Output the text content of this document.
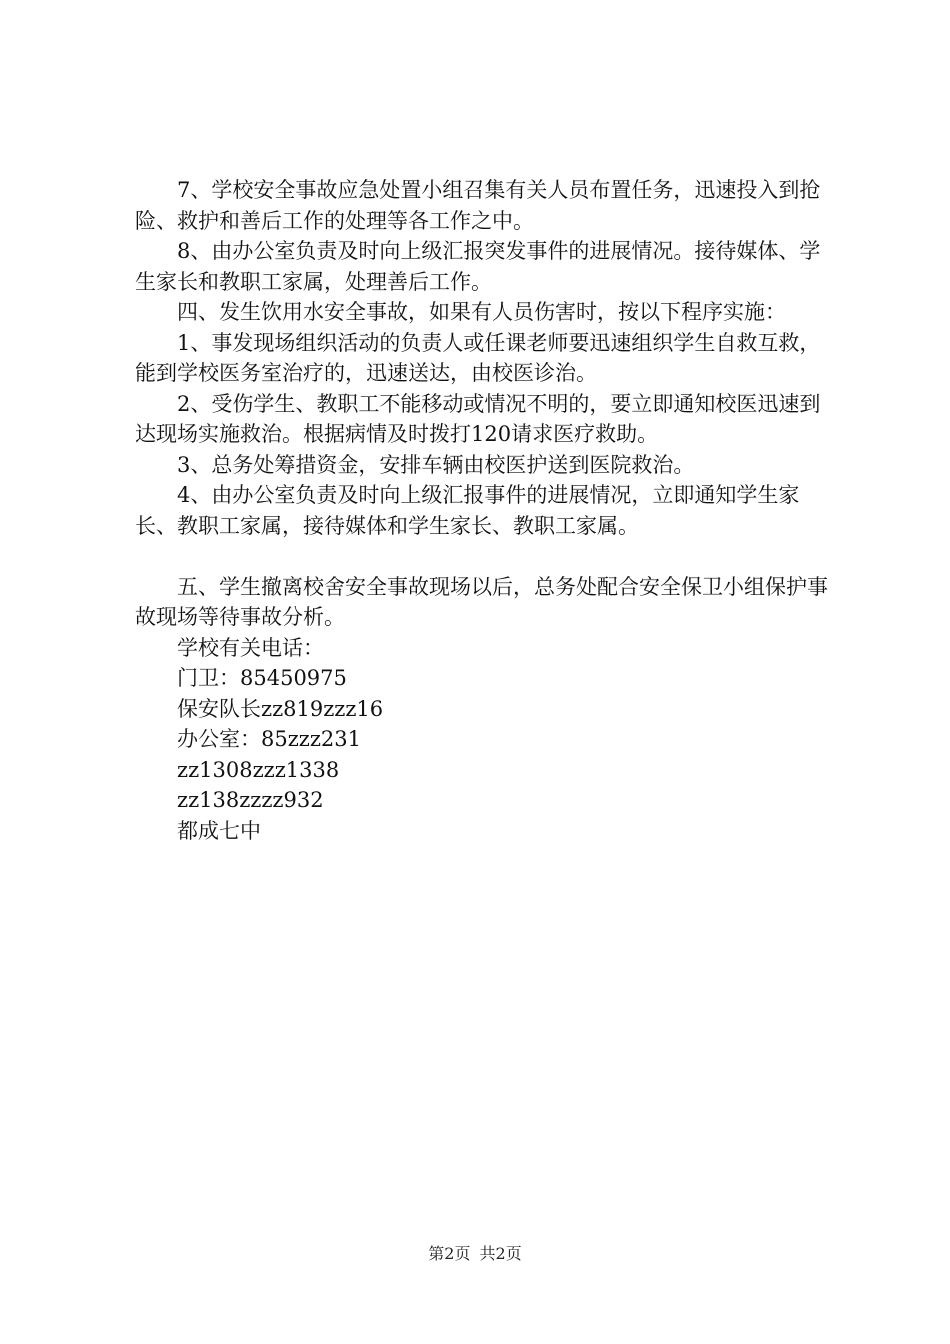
7、学校安全事故应急处置小组召集有关人员布置任务，迅速投入到抢险、救护和善后工作的处理等各工作之中。

8、由办公室负责及时向上级汇报突发事件的进展情况。接待媒体、学生家长和教职工家属，处理善后工作。

四、发生饮用水安全事故，如果有人员伤害时，按以下程序实施：

1、事发现场组织活动的负责人或任课老师要迅速组织学生自救互救，能到学校医务室治疗的，迅速送达，由校医诊治。

2、受伤学生、教职工不能移动或情况不明的，要立即通知校医迅速到达现场实施救治。根据病情及时拨打120请求医疗救助。

3、总务处筹措资金，安排车辆由校医护送到医院救治。

4、由办公室负责及时向上级汇报事件的进展情况，立即通知学生家长、教职工家属，接待媒体和学生家长、教职工家属。

五、学生撤离校舍安全事故现场以后，总务处配合安全保卫小组保护事故现场等待事故分析。

学校有关电话：

门卫：85450975

保安队长zz819zzz16

办公室：85zzz231

zz1308zzz1338

zz138zzzz932

都成七中

第2页 共2页
